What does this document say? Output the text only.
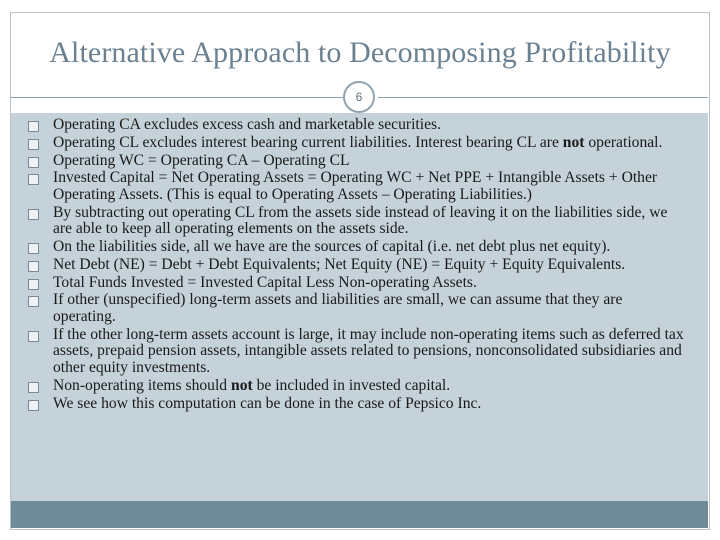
Alternative Approach to Decomposing Profitability
6
Operating CA excludes excess cash and marketable securities.
Operating CL excludes interest bearing current liabilities. Interest bearing CL are not operational.
Operating WC = Operating CA – Operating CL
Invested Capital = Net Operating Assets = Operating WC + Net PPE + Intangible Assets + Other Operating Assets. (This is equal to Operating Assets – Operating Liabilities.)
By subtracting out operating CL from the assets side instead of leaving it on the liabilities side, we are able to keep all operating elements on the assets side.
On the liabilities side, all we have are the sources of capital (i.e. net debt plus net equity).
Net Debt (NE) = Debt + Debt Equivalents; Net Equity (NE) = Equity + Equity Equivalents.
Total Funds Invested = Invested Capital Less Non-operating Assets.
If other (unspecified) long-term assets and liabilities are small, we can assume that they are operating.
If the other long-term assets account is large, it may include non-operating items such as deferred tax assets, prepaid pension assets, intangible assets related to pensions, nonconsolidated subsidiaries and other equity investments.
Non-operating items should not be included in invested capital.
We see how this computation can be done in the case of Pepsico Inc.
